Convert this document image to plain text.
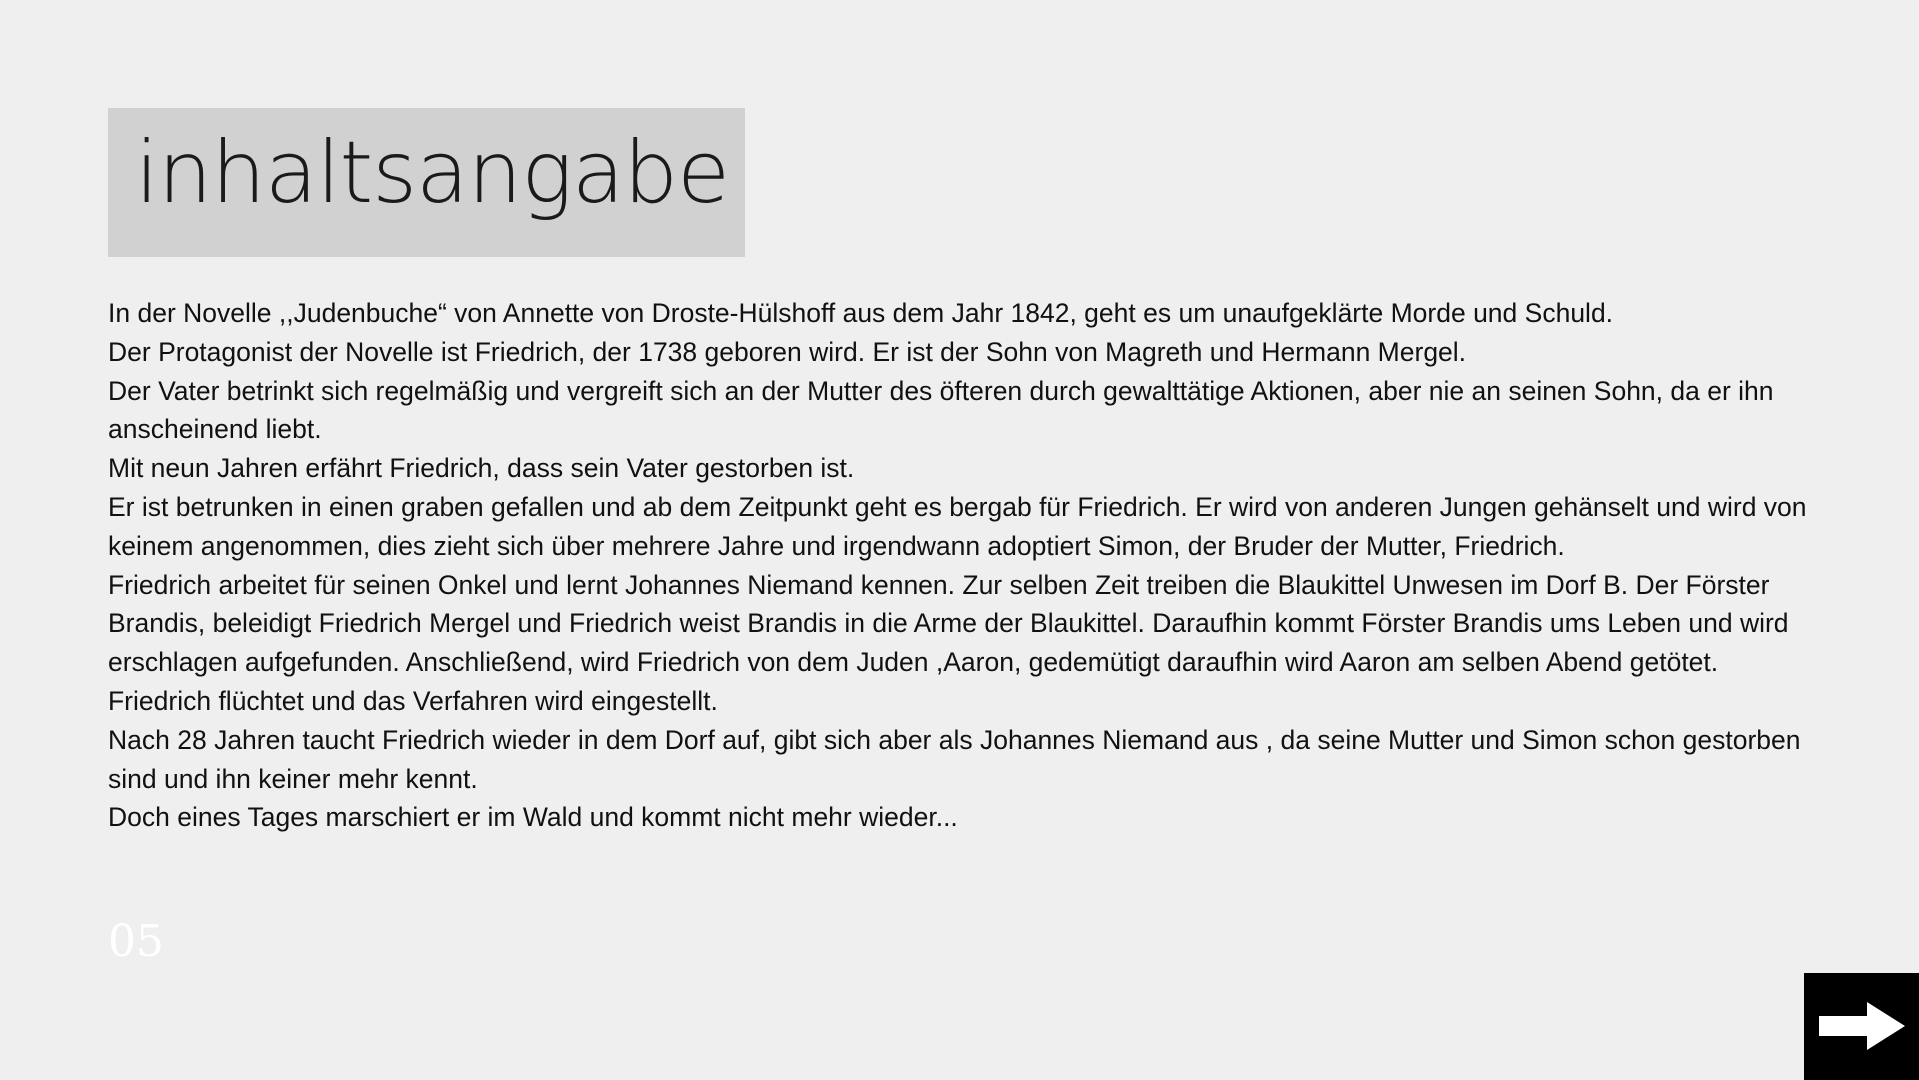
inhaltsangabe

In der Novelle ,,Judenbuche“ von Annette von Droste-Hülshoff aus dem Jahr 1842, geht es um unaufgeklärte Morde und Schuld.

Der Protagonist der Novelle ist Friedrich, der 1738 geboren wird. Er ist der Sohn von Magreth und Hermann Mergel.

Der Vater betrinkt sich regelmäßig und vergreift sich an der Mutter des öfteren durch gewalttätige Aktionen, aber nie an seinen Sohn, da er ihn anscheinend liebt.

Mit neun Jahren erfährt Friedrich, dass sein Vater gestorben ist.

Er ist betrunken in einen graben gefallen und ab dem Zeitpunkt geht es bergab für Friedrich. Er wird von anderen Jungen gehänselt und wird von keinem angenommen, dies zieht sich über mehrere Jahre und irgendwann adoptiert Simon, der Bruder der Mutter, Friedrich.

Friedrich arbeitet für seinen Onkel und lernt Johannes Niemand kennen. Zur selben Zeit treiben die Blaukittel Unwesen im Dorf B. Der Förster Brandis, beleidigt Friedrich Mergel und Friedrich weist Brandis in die Arme der Blaukittel. Daraufhin kommt Förster Brandis ums Leben und wird erschlagen aufgefunden. Anschließend, wird Friedrich von dem Juden ,Aaron, gedemütigt daraufhin wird Aaron am selben Abend getötet. Friedrich flüchtet und das Verfahren wird eingestellt.

Nach 28 Jahren taucht Friedrich wieder in dem Dorf auf, gibt sich aber als Johannes Niemand aus , da seine Mutter und Simon schon gestorben sind und ihn keiner mehr kennt.

Doch eines Tages marschiert er im Wald und kommt nicht mehr wieder...

05
